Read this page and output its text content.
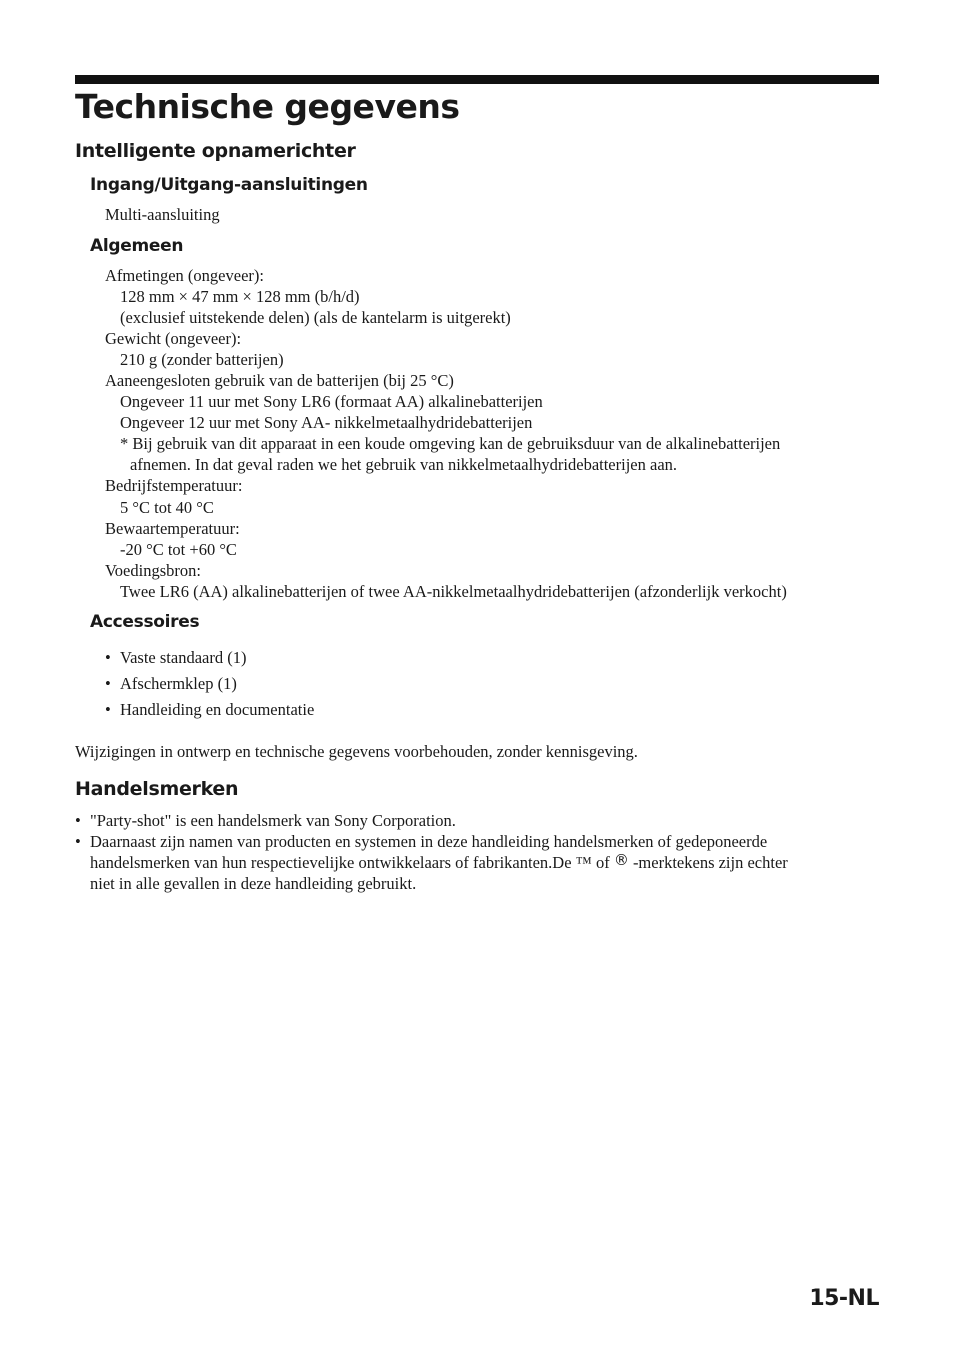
Technische gegevens
Intelligente opnamerichter
Ingang/Uitgang-aansluitingen
Multi-aansluiting
Algemeen
Afmetingen (ongeveer):
128 mm × 47 mm × 128 mm (b/h/d)
(exclusief uitstekende delen) (als de kantelarm is uitgerekt)
Gewicht (ongeveer):
210 g (zonder batterijen)
Aaneengesloten gebruik van de batterijen (bij 25 °C)
Ongeveer 11 uur met Sony LR6 (formaat AA) alkalinebatterijen
Ongeveer 12 uur met Sony AA- nikkelmetaalhydridebatterijen
* Bij gebruik van dit apparaat in een koude omgeving kan de gebruiksduur van de alkalinebatterijen
afnemen. In dat geval raden we het gebruik van nikkelmetaalhydridebatterijen aan.
Bedrijfstemperatuur:
5 °C tot 40 °C
Bewaartemperatuur:
-20 °C tot +60 °C
Voedingsbron:
Twee LR6 (AA) alkalinebatterijen of twee AA-nikkelmetaalhydridebatterijen (afzonderlijk verkocht)
Accessoires
• Vaste standaard (1)
• Afschermklep (1)
• Handleiding en documentatie
Wijzigingen in ontwerp en technische gegevens voorbehouden, zonder kennisgeving.
Handelsmerken
• "Party-shot" is een handelsmerk van Sony Corporation.
• Daarnaast zijn namen van producten en systemen in deze handleiding handelsmerken of gedeponeerde
handelsmerken van hun respectievelijke ontwikkelaars of fabrikanten.De ™ of ® -merktekens zijn echter
niet in alle gevallen in deze handleiding gebruikt.
15-NL
